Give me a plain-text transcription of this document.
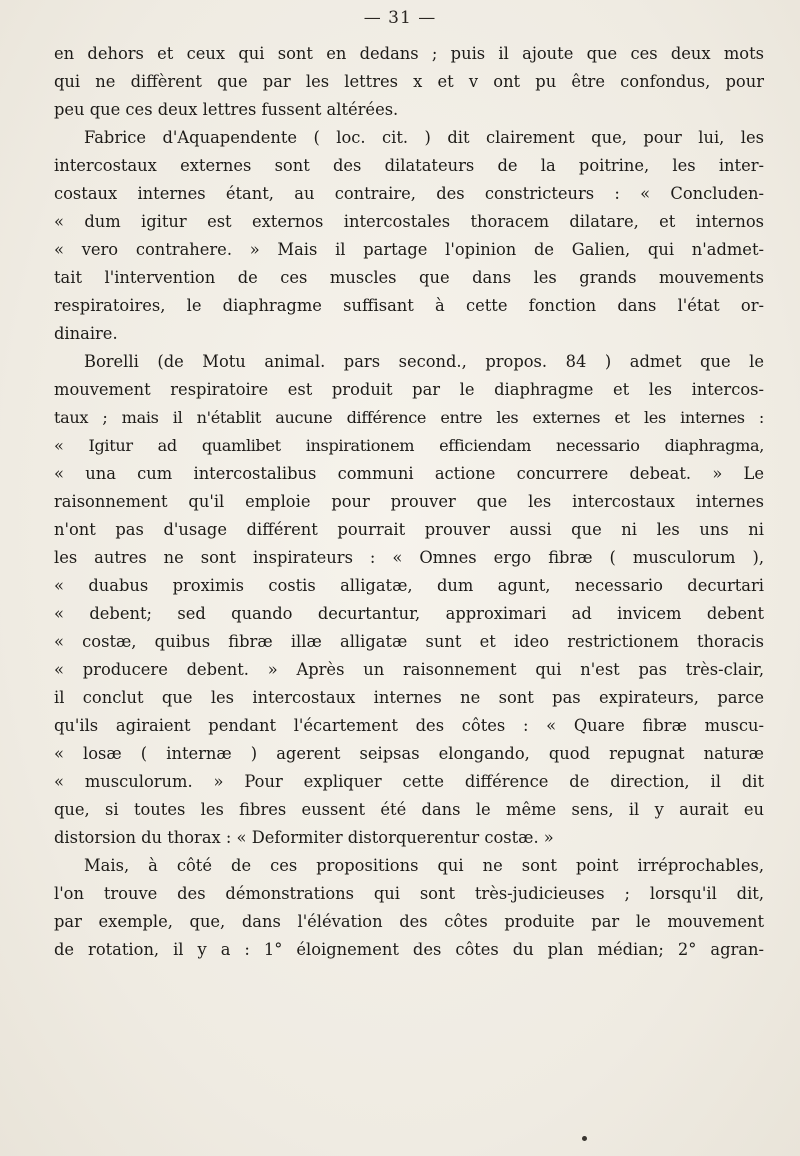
— 31 —
en dehors et ceux qui sont en dedans ; puis il ajoute que ces deux mots
qui ne diffèrent que par les lettres x et v ont pu être confondus, pour
peu que ces deux lettres fussent altérées.
Fabrice d'Aquapendente ( loc. cit. ) dit clairement que, pour lui, les
intercostaux externes sont des dilatateurs de la poitrine, les inter-
costaux internes étant, au contraire, des constricteurs : « Concluden-
« dum igitur est externos intercostales thoracem dilatare, et internos
« vero contrahere. » Mais il partage l'opinion de Galien, qui n'admet-
tait l'intervention de ces muscles que dans les grands mouvements
respiratoires, le diaphragme suffisant à cette fonction dans l'état or-
dinaire.
Borelli (de Motu animal. pars second., propos. 84 ) admet que le
mouvement respiratoire est produit par le diaphragme et les intercos-
taux ; mais il n'établit aucune différence entre les externes et les internes :
« Igitur ad quamlibet inspirationem efficiendam necessario diaphragma,
« una cum intercostalibus communi actione concurrere debeat. » Le
raisonnement qu'il emploie pour prouver que les intercostaux internes
n'ont pas d'usage différent pourrait prouver aussi que ni les uns ni
les autres ne sont inspirateurs : « Omnes ergo fibræ ( musculorum ),
« duabus proximis costis alligatæ, dum agunt, necessario decurtari
« debent; sed quando decurtantur, approximari ad invicem debent
« costæ, quibus fibræ illæ alligatæ sunt et ideo restrictionem thoracis
« producere debent. » Après un raisonnement qui n'est pas très-clair,
il conclut que les intercostaux internes ne sont pas expirateurs, parce
qu'ils agiraient pendant l'écartement des côtes : « Quare fibræ muscu-
« losæ ( internæ ) agerent seipsas elongando, quod repugnat naturæ
« musculorum. » Pour expliquer cette différence de direction, il dit
que, si toutes les fibres eussent été dans le même sens, il y aurait eu
distorsion du thorax : « Deformiter distorquerentur costæ. »
Mais, à côté de ces propositions qui ne sont point irréprochables,
l'on trouve des démonstrations qui sont très-judicieuses ; lorsqu'il dit,
par exemple, que, dans l'élévation des côtes produite par le mouvement
de rotation, il y a : 1° éloignement des côtes du plan médian; 2° agran-
